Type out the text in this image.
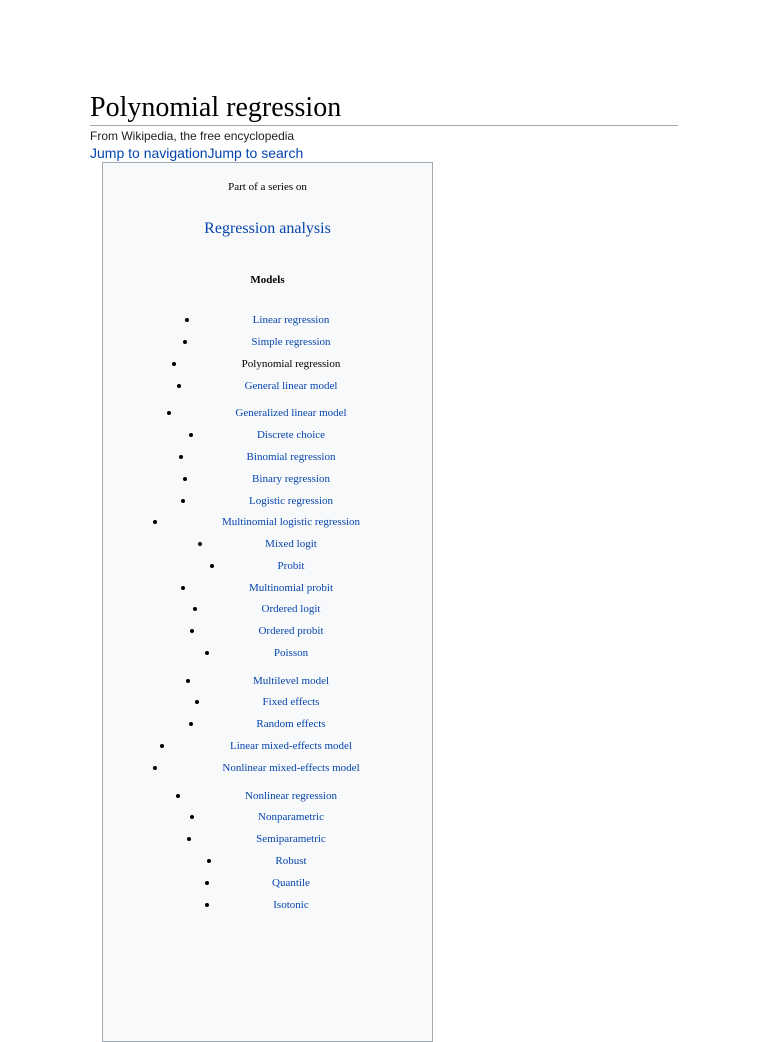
Polynomial regression
From Wikipedia, the free encyclopedia
Jump to navigationJump to search
Part of a series on
Regression analysis
Models
Linear regression
Simple regression
Polynomial regression
General linear model
Generalized linear model
Discrete choice
Binomial regression
Binary regression
Logistic regression
Multinomial logistic regression
Mixed logit
Probit
Multinomial probit
Ordered logit
Ordered probit
Poisson
Multilevel model
Fixed effects
Random effects
Linear mixed-effects model
Nonlinear mixed-effects model
Nonlinear regression
Nonparametric
Semiparametric
Robust
Quantile
Isotonic
